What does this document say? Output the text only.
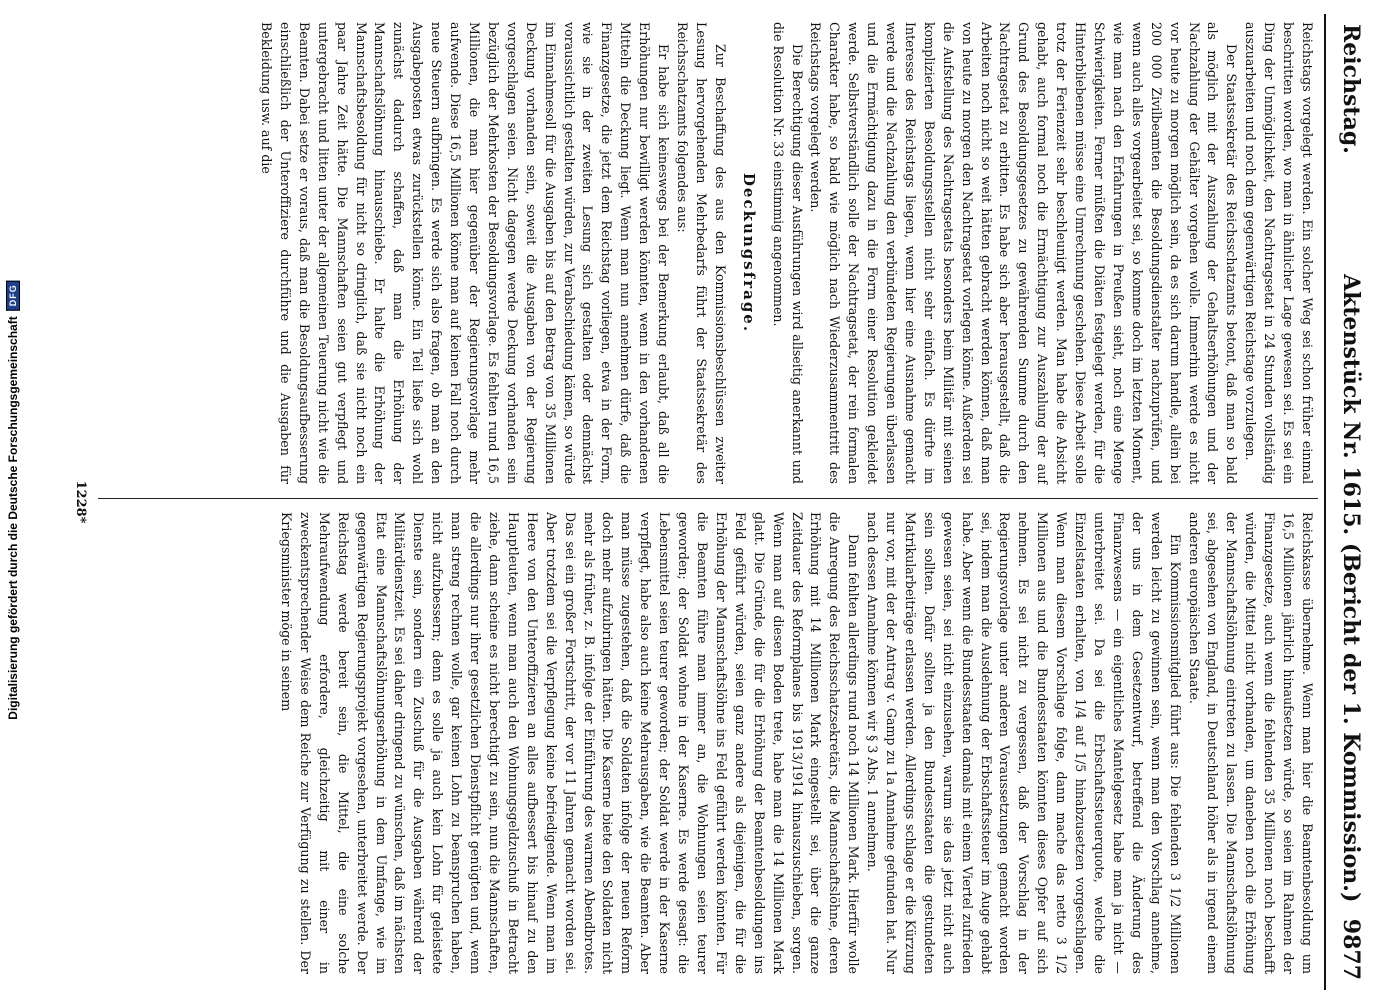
Digitalisierung gefördert durch die Deutsche Forschungsgemeinschaft
DFG
Reichstag.
Aktenstück Nr. 1615. (Bericht der 1. Kommission.)
9877

Reichstags vorgelegt werden. Ein solcher Weg sei schon früher einmal beschritten worden, wo man in ähnlicher Lage gewesen sei. Es sei ein Ding der Unmöglichkeit, den Nachtragsetat in 24 Stunden vollständig auszuarbeiten und noch dem gegenwärtigen Reichstage vorzulegen.

Der Staatssekretär des Reichsschatzamts betont, daß man so bald als möglich mit der Auszahlung der Gehaltserhöhungen und der Nachzahlung der Gehälter vorgehen wolle. Immerhin werde es nicht vor heute zu morgen möglich sein, da es sich darum handle, allein bei 200 000 Zivilbeamten die Besoldungsdienstalter nachzuprüfen, und wenn auch alles vorgearbeitet sei, so komme doch im letzten Moment, wie man nach den Erfahrungen in Preußen sieht, noch eine Menge Schwierigkeiten. Ferner müßten die Diäten festgelegt werden, für die Hinterbliebenen müsse eine Umrechnung geschehen. Diese Arbeit solle trotz der Ferienzeit sehr beschleunigt werden. Man habe die Absicht gehabt, auch formal noch die Ermächtigung zur Auszahlung der auf Grund des Besoldungsgesetzes zu gewährenden Summe durch den Nachtragsetat zu erbitten. Es habe sich aber herausgestellt, daß die Arbeiten noch nicht so weit hätten gebracht werden können, daß man von heute zu morgen den Nachtragsetat vorlegen könne. Außerdem sei die Aufstellung des Nachtragsetats besonders beim Militär mit seinen komplizierten Besoldungsstellen nicht sehr einfach. Es dürfte im Interesse des Reichstags liegen, wenn hier eine Ausnahme gemacht werde und die Nachzahlung den verbündeten Regierungen überlassen und die Ermächtigung dazu in die Form einer Resolution gekleidet werde. Selbstverständlich solle der Nachtragsetat, der rein formalen Charakter habe, so bald wie möglich nach Wiederzusammentritt des Reichstags vorgelegt werden.

Die Berechtigung dieser Ausführungen wird allseitig anerkannt und die Resolution Nr. 33 einstimmig angenommen.

Deckungsfrage.

Zur Beschaffung des aus den Kommissionsbeschlüssen zweiter Lesung hervorgehenden Mehrbedarfs führt der Staatssekretär des Reichsschatzamts folgendes aus:

Er habe sich keineswegs bei der Bemerkung erlaubt, daß all die Erhöhungen nur bewilligt werden könnten, wenn in den vorhandenen Mitteln die Deckung liegt. Wenn man nun annehmen dürfe, daß die Finanzgesetze, die jetzt dem Reichstag vorliegen, etwa in der Form, wie sie in der zweiten Lesung sich gestalten oder demnächst voraussichtlich gestalten würden, zur Verabschiedung kämen, so würde im Einnahmesoll für die Ausgaben bis auf den Betrag von 35 Millionen Deckung vorhanden sein, soweit die Ausgaben von der Regierung vorgeschlagen seien. Nicht dagegen werde Deckung vorhanden sein bezüglich der Mehrkosten der Besoldungsvorlage. Es fehlten rund 16,5 Millionen, die man hier gegenüber der Regierungsvorlage mehr aufwende. Diese 16,5 Millionen könne man auf keinen Fall noch durch neue Steuern aufbringen. Es werde sich also fragen, ob man an den Ausgabeposten etwas zurückstellen könne. Ein Teil ließe sich wohl zunächst dadurch schaffen, daß man die Erhöhung der Mannschaftslöhnung hinausschiebe. Er halte die Erhöhung der Mannschaftsbesoldung für nicht so dringlich, daß sie nicht noch ein paar Jahre Zeit hätte. Die Mannschaften seien gut verpflegt und untergebracht und litten unter der allgemeinen Teuerung nicht wie die Beamten. Dabei setze er voraus, daß man die Besoldungsaufbesserung einschließlich der Unteroffiziere durchführe und die Ausgaben für Bekleidung usw. auf die

Reichskasse übernehme. Wenn man hier die Beamtenbesoldung um 16,5 Millionen jährlich hinaufsetzen würde, so seien im Rahmen der Finanzgesetze, auch wenn die fehlenden 35 Millionen noch beschafft würden, die Mittel nicht vorhanden, um daneben noch die Erhöhung der Mannschaftslöhnung eintreten zu lassen. Die Mannschaftslöhnung sei, abgesehen von England, in Deutschland höher als in irgend einem anderen europäischen Staate.

Ein Kommissionsmitglied führt aus: Die fehlenden 3 1/2 Millionen werden leicht zu gewinnen sein, wenn man den Vorschlag annehme, der uns in dem Gesetzentwurf, betreffend die Änderung des Finanzwesens — ein eigentliches Mantelgesetz habe man ja nicht — unterbreitet sei. Da sei die Erbschaftssteuerquote, welche die Einzelstaaten erhalten, von 1/4 auf 1/5 hinabzusetzen vorgeschlagen. Wenn man diesem Vorschlage folge, dann mache das netto 3 1/2 Millionen aus und die Bundesstaaten könnten dieses Opfer auf sich nehmen. Es sei nicht zu vergessen, daß der Vorschlag in der Regierungsvorlage unter anderen Voraussetzungen gemacht worden sei, indem man die Ausdehnung der Erbschaftssteuer im Auge gehabt habe. Aber wenn die Bundesstaaten damals mit einem Viertel zufrieden gewesen seien, sei nicht einzusehen, warum sie das jetzt nicht auch sein sollten. Dafür sollten ja den Bundesstaaten die gestundeten Matrikularbeiträge erlassen werden. Allerdings schlage er die Kürzung nur vor, mit der der Antrag v. Gamp zu 1a Annahme gefunden hat. Nur nach dessen Annahme können wir § 3 Abs. 1 annehmen.

Dann fehlten allerdings rund noch 14 Millionen Mark. Hierfür wolle die Anregung des Reichsschatzsekretärs, die Mannschaftslöhne, deren Erhöhung mit 14 Millionen Mark eingestellt sei, über die ganze Zeitdauer des Reformplanes bis 1913/1914 hinauszuschieben, sorgen. Wenn man auf diesen Boden trete, habe man die 14 Millionen Mark glatt. Die Gründe, die für die Erhöhung der Beamtenbesoldungen ins Feld geführt würden, seien ganz andere als diejenigen, die für die Erhöhung der Mannschaftslöhne ins Feld geführt werden könnten. Für die Beamten führe man immer an, die Wohnungen seien teurer geworden; der Soldat wohne in der Kaserne. Es werde gesagt: die Lebensmittel seien teurer geworden; der Soldat werde in der Kaserne verpflegt, habe also auch keine Mehrausgaben, wie die Beamten. Aber man müsse zugestehen, daß die Soldaten infolge der neuen Reform doch mehr aufzubringen hätten. Die Kaserne biete den Soldaten nicht mehr als früher, z. B. infolge der Einführung des warmen Abendbrotes. Das sei ein großer Fortschritt, der vor 11 Jahren gemacht worden sei. Aber trotzdem sei die Verpflegung keine befriedigende. Wenn man im Heere von den Unteroffizieren an alles aufbessert bis hinauf zu den Hauptleuten, wenn man auch den Wohnungsgeldzuschuß in Betracht ziehe, dann scheine es nicht berechtigt zu sein, nun die Mannschaften, die allerdings nur ihrer gesetzlichen Dienstpflicht genügten und, wenn man streng rechnen wolle, gar keinen Lohn zu beanspruchen haben, nicht aufzubessern; denn es solle ja auch kein Lohn für geleistete Dienste sein, sondern ein Zuschuß für die Ausgaben während der Militärdienstzeit. Es sei daher dringend zu wünschen, daß im nächsten Etat eine Mannschaftslöhnungserhöhung in dem Umfange, wie im gegenwärtigen Regierungsprojekt vorgesehen, unterbreitet werde. Der Reichstag werde bereit sein, die Mittel, die eine solche Mehraufwendung erfordere, gleichzeitig mit einer in zweckentsprechender Weise dem Reiche zur Verfügung zu stellen. Der Kriegsminister möge in seinem

1228*
